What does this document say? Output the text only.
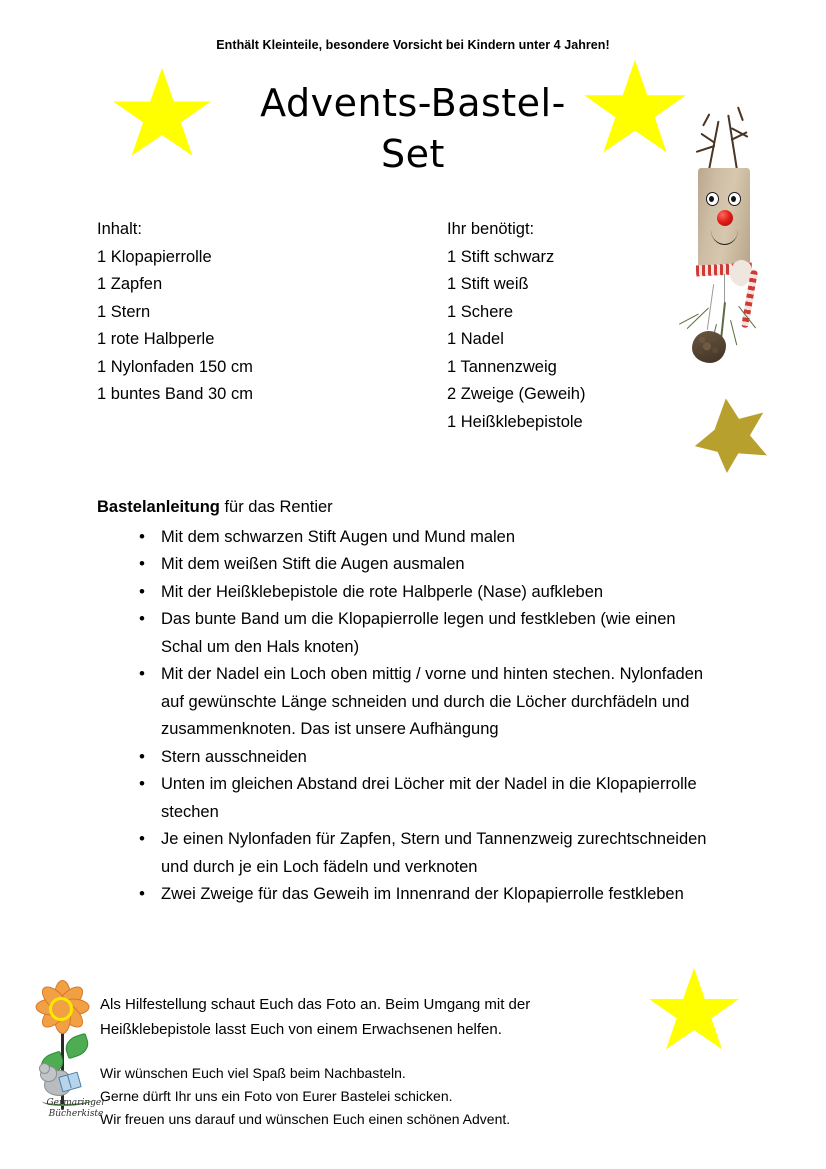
Enthält Kleinteile, besondere Vorsicht bei Kindern unter 4 Jahren!
Advents-Bastel-
Set
Inhalt:
1 Klopapierrolle
1 Zapfen
1 Stern
1 rote Halbperle
1 Nylonfaden 150 cm
1 buntes Band 30 cm
Ihr benötigt:
1 Stift schwarz
1 Stift weiß
1 Schere
1 Nadel
1 Tannenzweig
2 Zweige (Geweih)
1 Heißklebepistole

Bastelanleitung für das Rentier

• Mit dem schwarzen Stift Augen und Mund malen
• Mit dem weißen Stift die Augen ausmalen
• Mit der Heißklebepistole die rote Halbperle (Nase) aufkleben
• Das bunte Band um die Klopapierrolle legen und festkleben (wie einen Schal um den Hals knoten)
• Mit der Nadel ein Loch oben mittig / vorne und hinten stechen. Nylonfaden auf gewünschte Länge schneiden und durch die Löcher durchfädeln und zusammenknoten. Das ist unsere Aufhängung
• Stern ausschneiden
• Unten im gleichen Abstand drei Löcher mit der Nadel in die Klopapierrolle stechen
• Je einen Nylonfaden für Zapfen, Stern und Tannenzweig zurechtschneiden und durch je ein Loch fädeln und verknoten
• Zwei Zweige für das Geweih im Innenrand der Klopapierrolle festkleben
Als Hilfestellung schaut Euch das Foto an. Beim Umgang mit der
Heißklebepistole lasst Euch von einem Erwachsenen helfen.
Wir wünschen Euch viel Spaß beim Nachbasteln.
Gerne dürft Ihr uns ein Foto von Eurer Bastelei schicken.
Wir freuen uns darauf und wünschen Euch einen schönen Advent.
Germaringer
Bücherkiste
